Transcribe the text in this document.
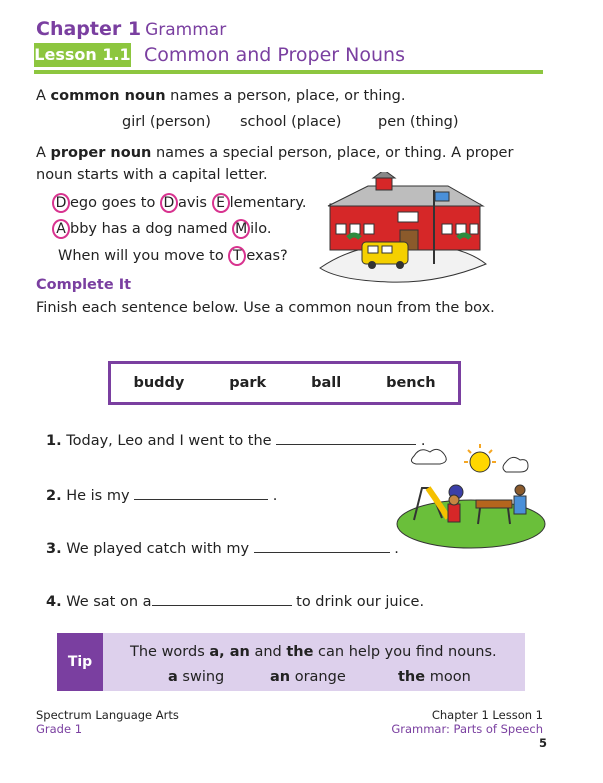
Chapter 1 Grammar
Lesson 1.1 Common and Proper Nouns
A common noun names a person, place, or thing.
girl (person) school (place)	pen (thing)
A proper noun names a special person, place, or thing. A proper
noun starts with a capital letter.
D ego goes to D avis E lementary.
A bby has a dog named M ilo.
When will you move to T exas?
Complete It
Finish each sentence below. Use a common noun from the box.
buddy	park	ball	bench
1. Today, Leo and I went to the	.
2. He is my	.
3. We played catch with my	.
4. We sat on a	to drink our juice.
Tip
The words a, an and the can help you find nouns.
a swing	an orange	the moon
Spectrum Language Arts
Grade 1
Chapter 1 Lesson 1
Grammar: Parts of Speech
5
